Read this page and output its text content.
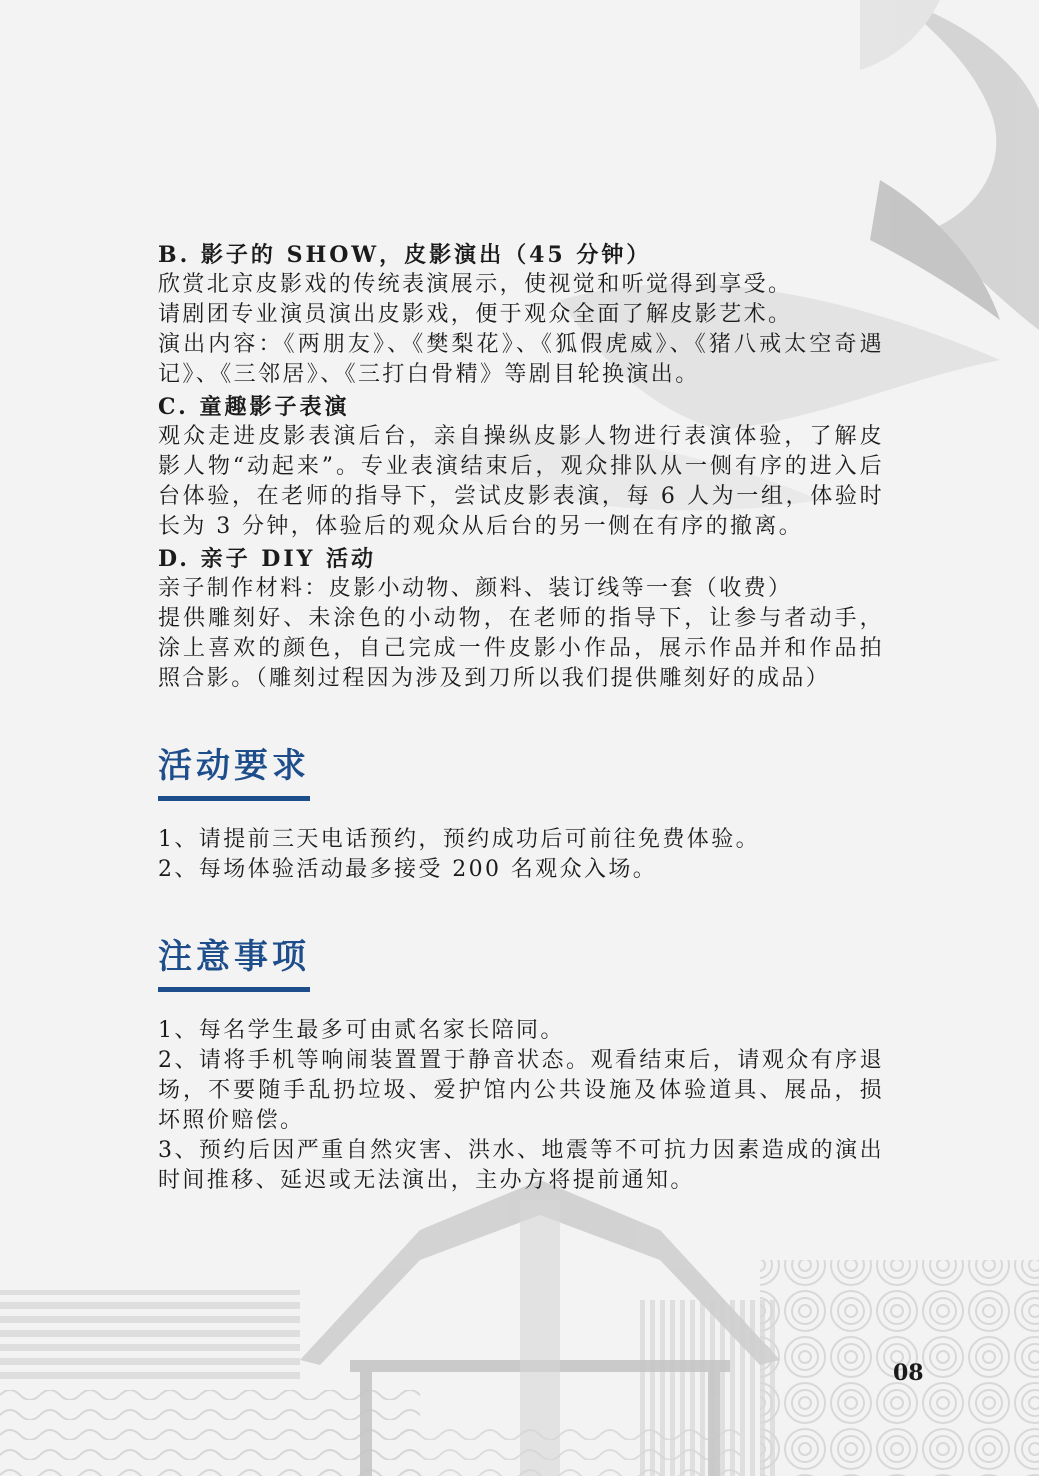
B. 影子的 SHOW，皮影演出（45 分钟）

欣赏北京皮影戏的传统表演展示，使视觉和听觉得到享受。

请剧团专业演员演出皮影戏，便于观众全面了解皮影艺术。

演出内容：《两朋友》、《樊梨花》、《狐假虎威》、《猪八戒太空奇遇记》、《三邻居》、《三打白骨精》等剧目轮换演出。

C. 童趣影子表演

观众走进皮影表演后台，亲自操纵皮影人物进行表演体验，了解皮影人物“动起来”。专业表演结束后，观众排队从一侧有序的进入后台体验，在老师的指导下，尝试皮影表演，每 6 人为一组，体验时长为 3 分钟，体验后的观众从后台的另一侧在有序的撤离。

D. 亲子 DIY 活动

亲子制作材料：皮影小动物、颜料、装订线等一套（收费）

提供雕刻好、未涂色的小动物，在老师的指导下，让参与者动手，涂上喜欢的颜色，自己完成一件皮影小作品，展示作品并和作品拍照合影。（雕刻过程因为涉及到刀所以我们提供雕刻好的成品）

活动要求

1、请提前三天电话预约，预约成功后可前往免费体验。

2、每场体验活动最多接受 200 名观众入场。

注意事项

1、每名学生最多可由贰名家长陪同。

2、请将手机等响闹装置置于静音状态。观看结束后，请观众有序退场，不要随手乱扔垃圾、爱护馆内公共设施及体验道具、展品，损坏照价赔偿。

3、预约后因严重自然灾害、洪水、地震等不可抗力因素造成的演出时间推移、延迟或无法演出，主办方将提前通知。

08
